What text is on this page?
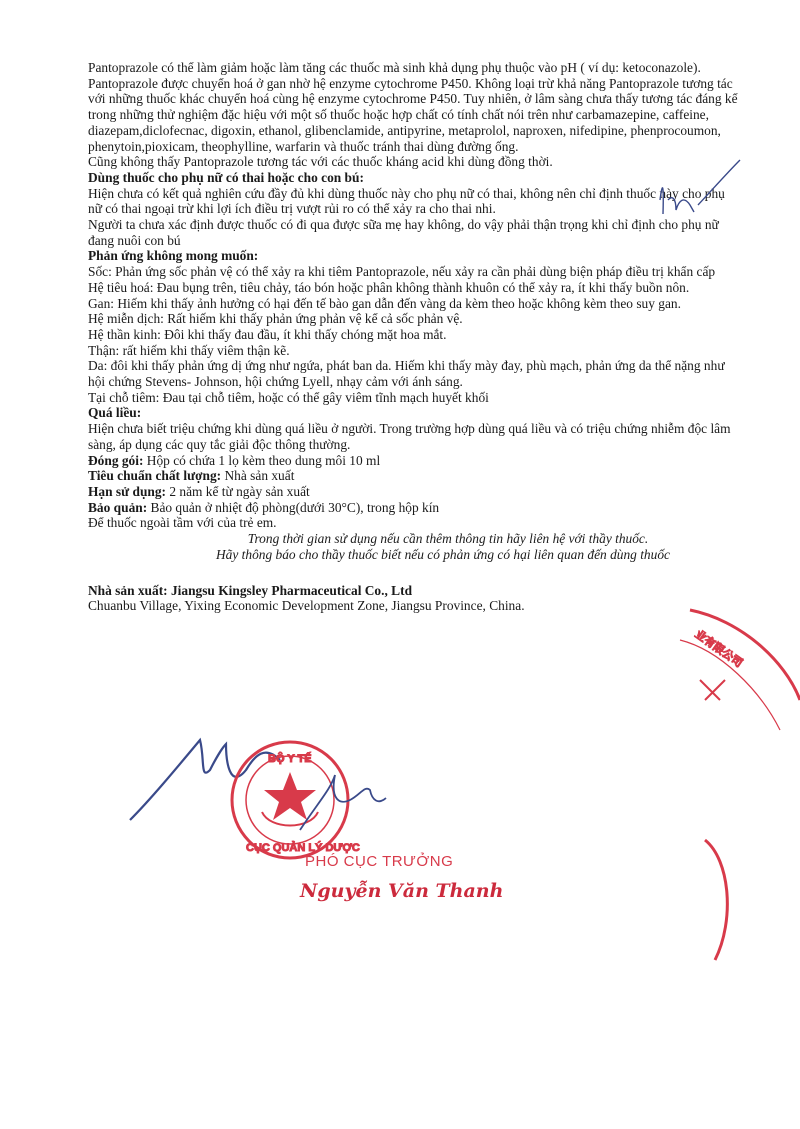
Pantoprazole có thể làm giảm hoặc làm tăng các thuốc mà sinh khả dụng phụ thuộc vào pH ( ví dụ: ketoconazole).

Pantoprazole được chuyển hoá ở gan nhờ hệ enzyme cytochrome P450. Không loại trừ khả năng Pantoprazole tương tác với những thuốc khác chuyển hoá cùng hệ enzyme cytochrome P450. Tuy nhiên, ở lâm sàng chưa thấy tương tác đáng kể trong những thử nghiệm đặc hiệu với một số thuốc hoặc hợp chất có tính chất nói trên như carbamazepine, caffeine, diazepam,diclofecnac, digoxin, ethanol, glibenclamide, antipyrine, metaprolol, naproxen, nifedipine, phenprocoumon, phenytoin,pioxicam, theophylline, warfarin và thuốc tránh thai dùng đường ống.

Cũng không thấy Pantoprazole tương tác với các thuốc kháng acid khi dùng đồng thời.

Dùng thuốc cho phụ nữ có thai hoặc cho con bú:

Hiện chưa có kết quả nghiên cứu đầy đủ khi dùng thuốc này cho phụ nữ có thai, không nên chỉ định thuốc này cho phụ nữ có thai ngoại trừ khi lợi ích điều trị vượt rủi ro có thể xảy ra cho thai nhi.

Người ta chưa xác định được thuốc có đi qua được sữa mẹ hay không, do vậy phải thận trọng khi chỉ định cho phụ nữ đang nuôi con bú

Phản ứng không mong muốn:

Sốc: Phản ứng sốc phản vệ có thể xảy ra khi tiêm Pantoprazole, nếu xảy ra cần phải dùng biện pháp điều trị khẩn cấp

Hệ tiêu hoá: Đau bụng trên, tiêu chảy, táo bón hoặc phân không thành khuôn có thể xảy ra, ít khi thấy buồn nôn.

Gan: Hiếm khi thấy ảnh hưởng có hại đến tế bào gan dẫn đến vàng da kèm theo hoặc không kèm theo suy gan.

Hệ miễn dịch: Rất hiếm khi thấy phản ứng phản vệ kể cả sốc phản vệ.

Hệ thần kinh: Đôi khi thấy đau đầu, ít khi thấy chóng mặt hoa mắt.

Thận: rất hiếm khi thấy viêm thận kẽ.

Da: đôi khi thấy phản ứng dị ứng như ngứa, phát ban da. Hiếm khi thấy mày đay, phù mạch, phản ứng da thể nặng như hội chứng Stevens- Johnson, hội chứng Lyell, nhạy cảm với ánh sáng.

Tại chỗ tiêm: Đau tại chỗ tiêm, hoặc có thể gây viêm tĩnh mạch huyết khối

Quá liều:

Hiện chưa biết triệu chứng khi dùng quá liều ở người. Trong trường hợp dùng quá liều và có triệu chứng nhiễm độc lâm sàng, áp dụng các quy tắc giải độc thông thường.

Đóng gói: Hộp có chứa 1 lọ kèm theo dung môi 10 ml

Tiêu chuẩn chất lượng: Nhà sản xuất

Hạn sử dụng: 2 năm kể từ ngày sản xuất

Bảo quản: Bảo quản ở nhiệt độ phòng(dưới 30°C), trong hộp kín

Để thuốc ngoài tầm với của trẻ em.

Trong thời gian sử dụng nếu cần thêm thông tin hãy liên hệ với thầy thuốc.

Hãy thông báo cho thầy thuốc biết nếu có phản ứng có hại liên quan đến dùng thuốc

Nhà sản xuất: Jiangsu Kingsley Pharmaceutical Co., Ltd

Chuanbu Village, Yixing Economic Development Zone, Jiangsu Province, China.

业有限公司
BỘ Y TẾ
CỤC QUẢN LÝ DƯỢC
PHÓ CỤC TRƯỞNG
Nguyễn Văn Thanh
